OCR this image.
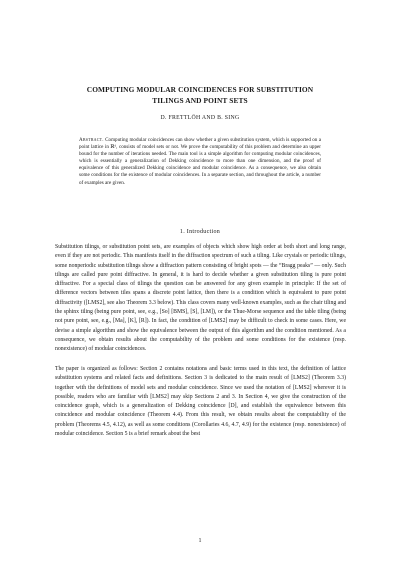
COMPUTING MODULAR COINCIDENCES FOR SUBSTITUTION
TILINGS AND POINT SETS
D. FRETTLÖH AND B. SING
Abstract. Computing modular coincidences can show whether a given substitution system, which is supported on a point lattice in ℝᵈ, consists of model sets or not. We prove the computability of this problem and determine an upper bound for the number of iterations needed. The main tool is a simple algorithm for computing modular coincidences, which is essentially a generalization of Dekking coincidence to more than one dimension, and the proof of equivalence of this generalized Dekking coincidence and modular coincidence. As a consequence, we also obtain some conditions for the existence of modular coincidences. In a separate section, and throughout the article, a number of examples are given.
1. Introduction
Substitution tilings, or substitution point sets, are examples of objects which show high order at both short and long range, even if they are not periodic. This manifests itself in the diffraction spectrum of such a tiling. Like crystals or periodic tilings, some nonperiodic substitution tilings show a diffraction pattern consisting of bright spots — the “Bragg peaks” — only. Such tilings are called pure point diffractive. In general, it is hard to decide whether a given substitution tiling is pure point diffractive. For a special class of tilings the question can be answered for any given example in principle: If the set of difference vectors between tiles spans a discrete point lattice, then there is a condition which is equivalent to pure point diffractivity ([LMS2], see also Theorem 3.3 below). This class covers many well-known examples, such as the chair tiling and the sphinx tiling (being pure point, see, e.g., [So] [BMS], [S], [LM]), or the Thue-Morse sequence and the table tiling (being not pure point, see, e.g., [Ma], [K], [R]). In fact, the condition of [LMS2] may be difficult to check in some cases. Here, we devise a simple algorithm and show the equivalence between the output of this algorithm and the condition mentioned. As a consequence, we obtain results about the computability of the problem and some conditions for the existence (resp. nonexistence) of modular coincidences.
The paper is organized as follows: Section 2 contains notations and basic terms used in this text, the definition of lattice substitution systems and related facts and definitions. Section 3 is dedicated to the main result of [LMS2] (Theorem 3.3) together with the definitions of model sets and modular coincidence. Since we used the notation of [LMS2] wherever it is possible, readers who are familiar with [LMS2] may skip Sections 2 and 3. In Section 4, we give the construction of the coincidence graph, which is a generalization of Dekking coincidence [D], and establish the equivalence between this coincidence and modular coincidence (Theorem 4.4). From this result, we obtain results about the computability of the problem (Theorems 4.5, 4.12), as well as some conditions (Corollaries 4.6, 4.7, 4.9) for the existence (resp. nonexistence) of modular coincidence. Section 5 is a brief remark about the best
1
